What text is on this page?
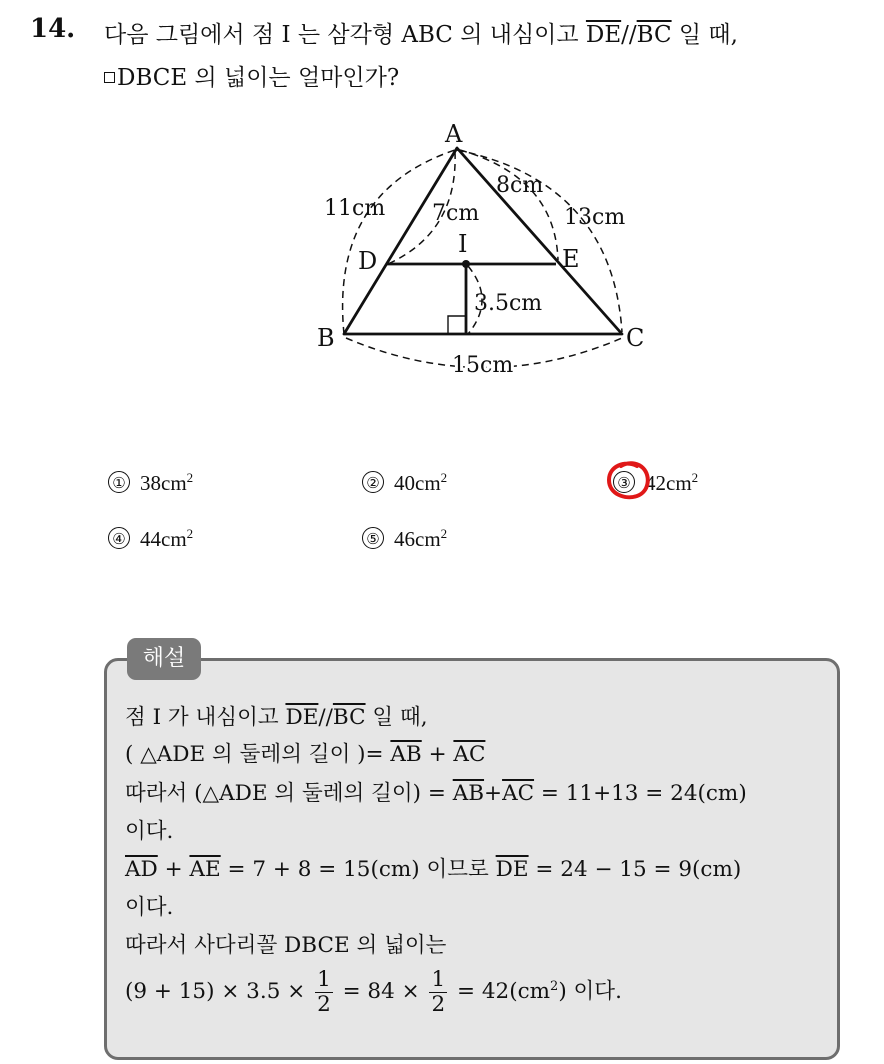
14. 다음 그림에서 점 I 는 삼각형 ABC 의 내심이고 $\overline{DE}//\overline{BC}$ 일 때,
DBCE 의 넓이는 얼마인가?
A
B	C
D	E
I
11cm 7cm
8cm
13cm
3.5cm
15cm
① $38cm^2$	② $40cm^2$	③ $42cm^2$
④ $44cm^2$	⑤ $46cm^2$
해설
점 I 가 내심이고 $\overline{DE}//\overline{BC}$ 일 때,
( △ADE 의 둘레의 길이 )= $\overline{AB} + \overline{AC}$
따라서 (△ADE 의 둘레의 길이) = $\overline{AB}+\overline{AC} = 11+13 = 24(cm)$
이다.
$\overline{AD} + \overline{AE} = 7 + 8 = 15(cm)$ 이므로 $\overline{DE} = 24 - 15 = 9(cm)$
이다.
따라서 사다리꼴 DBCE 의 넓이는
$(9 + 15) \times 3.5 \times \frac{1}{2} = 84 \times \frac{1}{2} = 42(cm^2)$ 이다.
